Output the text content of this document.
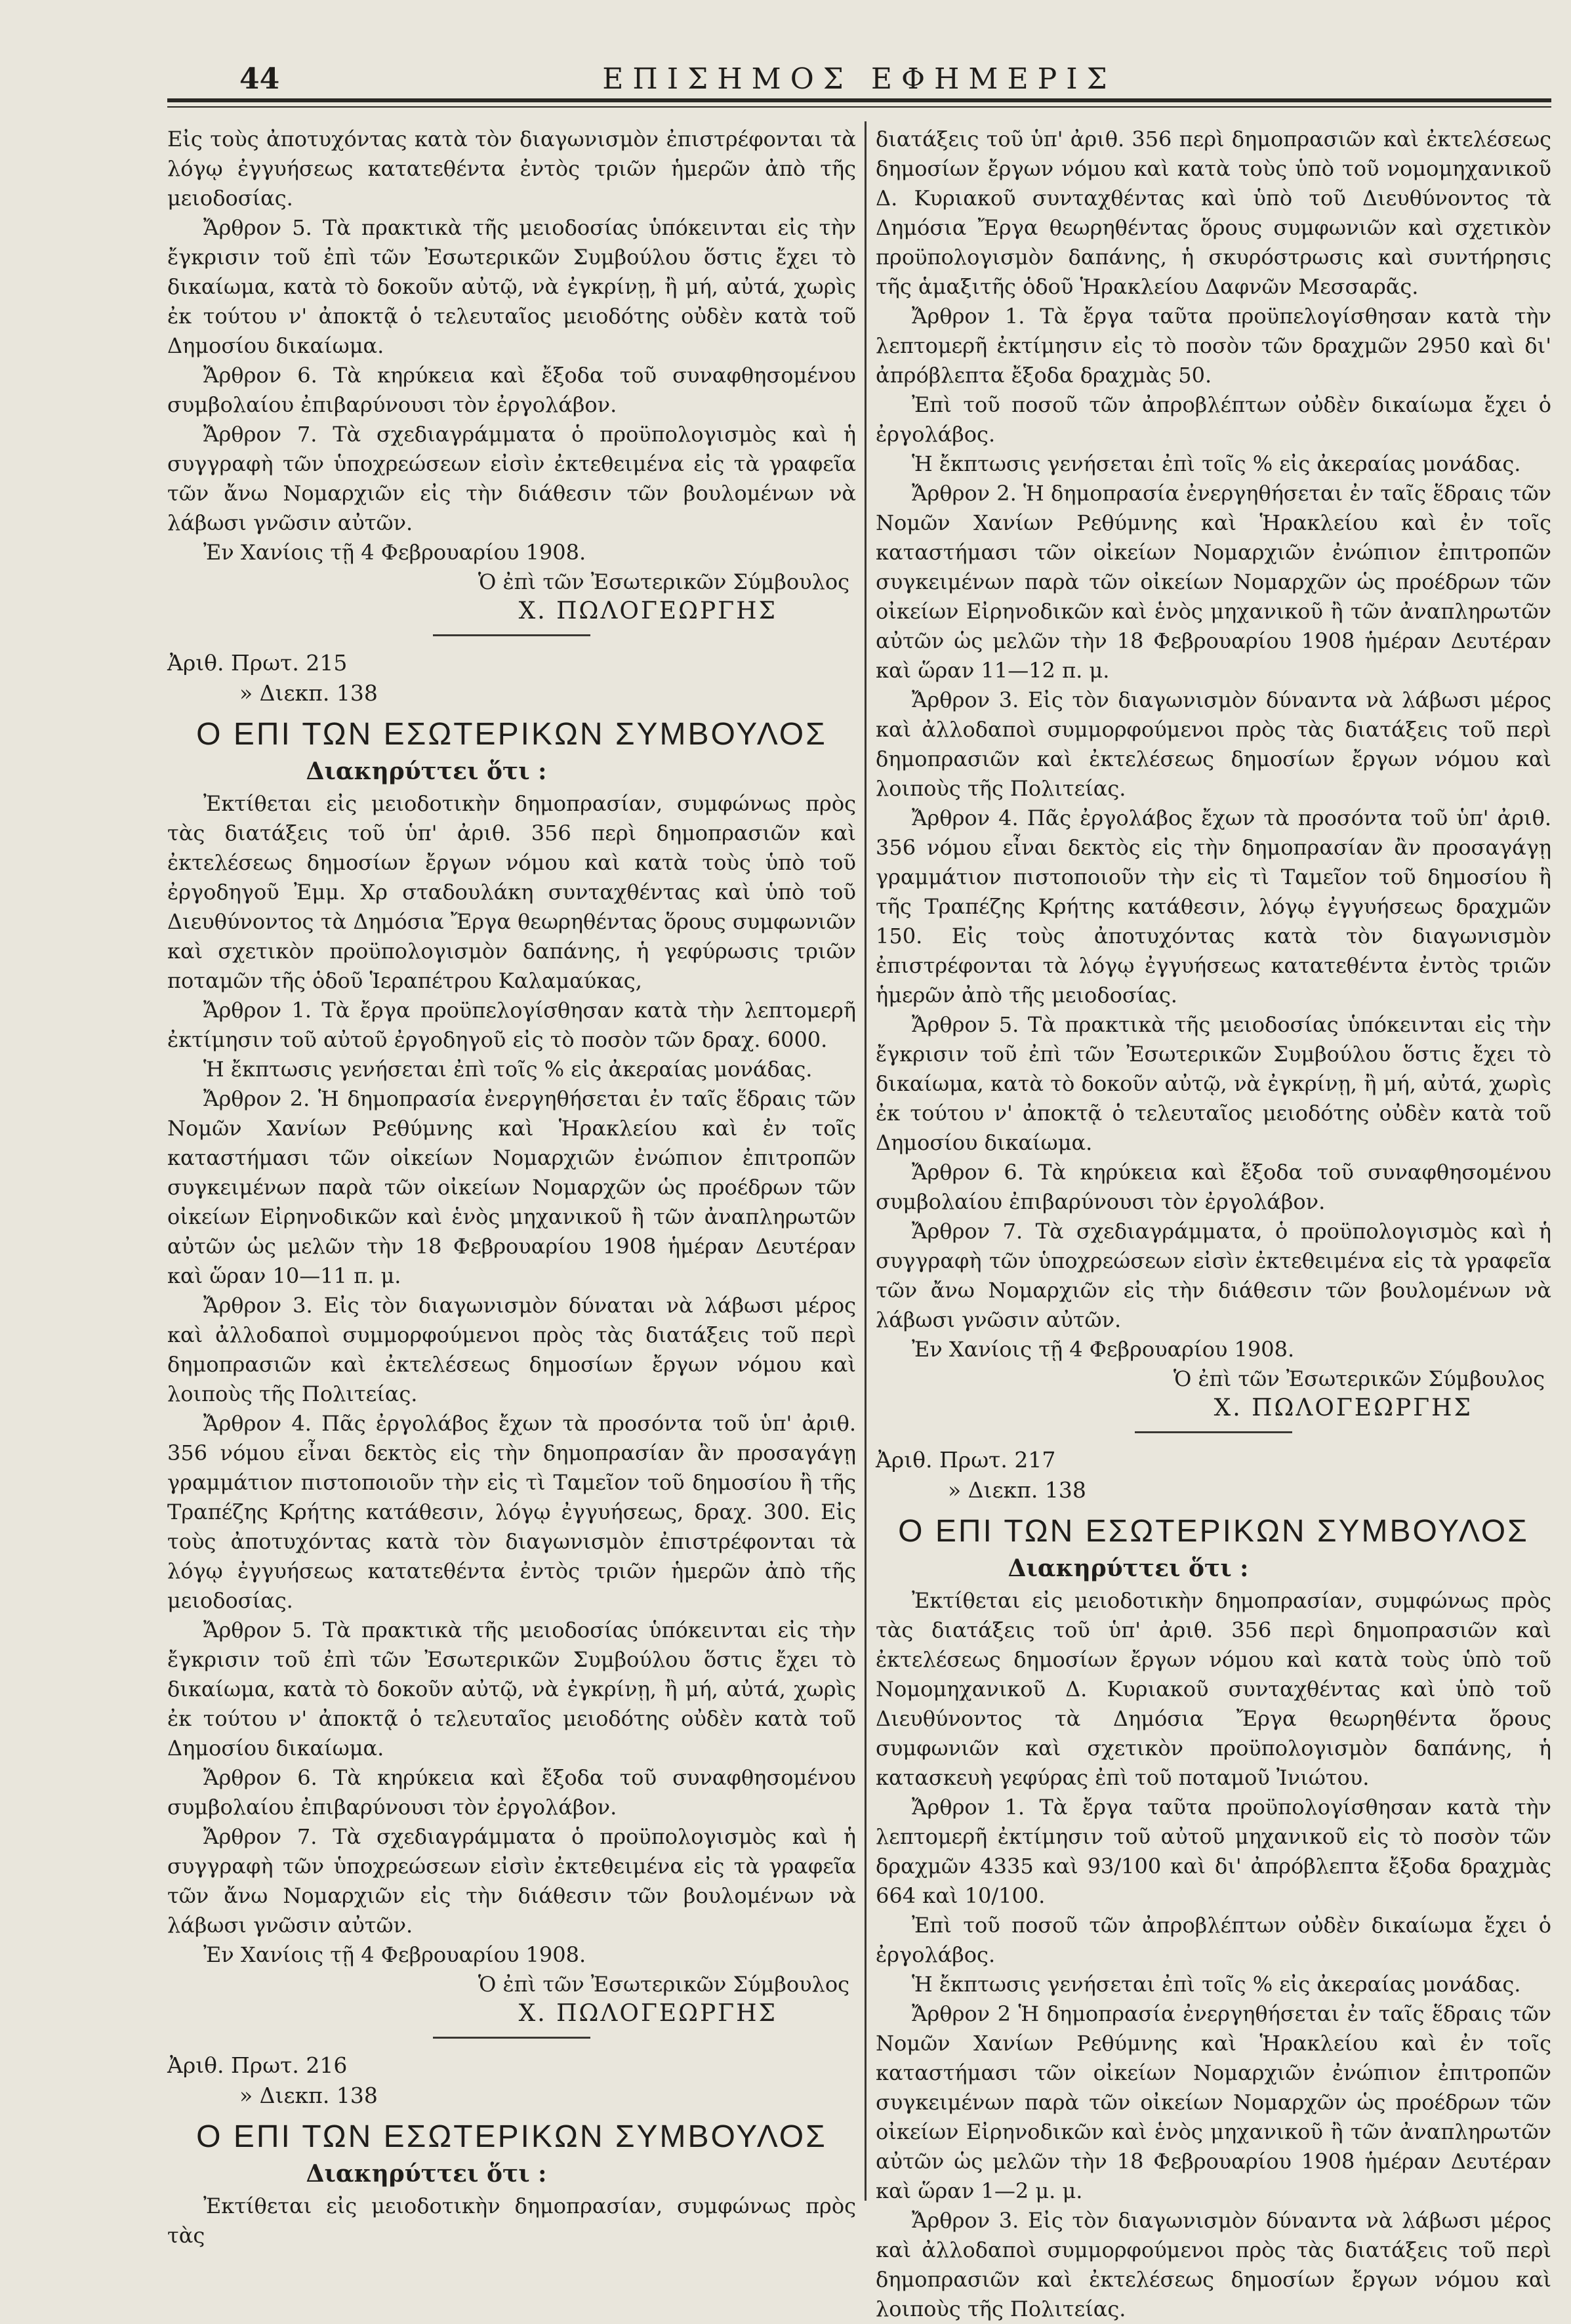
44	ΕΠΙΣΗΜΟΣ ΕΦΗΜΕΡΙΣ

Εἰς τοὺς ἀποτυχόντας κατὰ τὸν διαγωνισμὸν ἐπιστρέφονται τὰ λόγῳ ἐγγυήσεως κατατεθέντα ἐντὸς τριῶν ἡμερῶν ἀπὸ τῆς μειοδοσίας.

Ἄρθρον 5. Τὰ πρακτικὰ τῆς μειοδοσίας ὑπόκεινται εἰς τὴν ἔγκρισιν τοῦ ἐπὶ τῶν Ἐσωτερικῶν Συμβούλου ὅστις ἔχει τὸ δικαίωμα, κατὰ τὸ δοκοῦν αὐτῷ, νὰ ἐγκρίνῃ, ἢ μή, αὐτά, χωρὶς ἐκ τούτου ν' ἀποκτᾷ ὁ τελευταῖος μειοδότης οὐδὲν κατὰ τοῦ Δημοσίου δικαίωμα.

Ἄρθρον 6. Τὰ κηρύκεια καὶ ἔξοδα τοῦ συναφθησομένου συμβολαίου ἐπιβαρύνουσι τὸν ἐργολάβον.

Ἄρθρον 7. Τὰ σχεδιαγράμματα ὁ προϋπολογισμὸς καὶ ἡ συγγραφὴ τῶν ὑποχρεώσεων εἰσὶν ἐκτεθειμένα εἰς τὰ γραφεῖα τῶν ἄνω Νομαρχιῶν εἰς τὴν διάθεσιν τῶν βουλομένων νὰ λάβωσι γνῶσιν αὐτῶν.

Ἐν Χανίοις τῇ 4 Φεβρουαρίου 1908.

Ὁ ἐπὶ τῶν Ἐσωτερικῶν Σύμβουλος
Χ. ΠΩΛΟΓΕΩΡΓΗΣ
Ἀριθ. Πρωτ. 215
» Διεκπ. 138
Ο ΕΠΙ ΤΩΝ ΕΣΩΤΕΡΙΚΩΝ ΣΥΜΒΟΥΛΟΣ
Διακηρύττει ὅτι :

Ἐκτίθεται εἰς μειοδοτικὴν δημοπρασίαν, συμφώνως πρὸς τὰς διατάξεις τοῦ ὑπ' ἀριθ. 356 περὶ δημοπρασιῶν καὶ ἐκτελέσεως δημοσίων ἔργων νόμου καὶ κατὰ τοὺς ὑπὸ τοῦ ἐργοδηγοῦ Ἐμμ. Χρ σταδουλάκη συνταχθέντας καὶ ὑπὸ τοῦ Διευθύνοντος τὰ Δημόσια Ἔργα θεωρηθέντας ὅρους συμφωνιῶν καὶ σχετικὸν προϋπολογισμὸν δαπάνης, ἡ γεφύρωσις τριῶν ποταμῶν τῆς ὁδοῦ Ἱεραπέτρου Καλαμαύκας,

Ἄρθρον 1. Τὰ ἔργα προϋπελογίσθησαν κατὰ τὴν λεπτομερῆ ἐκτίμησιν τοῦ αὐτοῦ ἐργοδηγοῦ εἰς τὸ ποσὸν τῶν δραχ. 6000.

Ἡ ἔκπτωσις γενήσεται ἐπὶ τοῖς % εἰς ἀκεραίας μονάδας.

Ἄρθρον 2. Ἡ δημοπρασία ἐνεργηθήσεται ἐν ταῖς ἕδραις τῶν Νομῶν Χανίων Ρεθύμνης καὶ Ἡρακλείου καὶ ἐν τοῖς καταστήμασι τῶν οἰκείων Νομαρχιῶν ἐνώπιον ἐπιτροπῶν συγκειμένων παρὰ τῶν οἰκείων Νομαρχῶν ὡς προέδρων τῶν οἰκείων Εἰρηνοδικῶν καὶ ἑνὸς μηχανικοῦ ἢ τῶν ἀναπληρωτῶν αὐτῶν ὡς μελῶν τὴν 18 Φεβρουαρίου 1908 ἡμέραν Δευτέραν καὶ ὥραν 10—11 π. μ.

Ἄρθρον 3. Εἰς τὸν διαγωνισμὸν δύναται νὰ λάβωσι μέρος καὶ ἀλλοδαποὶ συμμορφούμενοι πρὸς τὰς διατάξεις τοῦ περὶ δημοπρασιῶν καὶ ἐκτελέσεως δημοσίων ἔργων νόμου καὶ λοιποὺς τῆς Πολιτείας.

Ἄρθρον 4. Πᾶς ἐργολάβος ἔχων τὰ προσόντα τοῦ ὑπ' ἀριθ. 356 νόμου εἶναι δεκτὸς εἰς τὴν δημοπρασίαν ἂν προσαγάγῃ γραμμάτιον πιστοποιοῦν τὴν εἰς τὶ Ταμεῖον τοῦ δημοσίου ἢ τῆς Τραπέζης Κρήτης κατάθεσιν, λόγῳ ἐγγυήσεως, δραχ. 300. Εἰς τοὺς ἀποτυχόντας κατὰ τὸν διαγωνισμὸν ἐπιστρέφονται τὰ λόγῳ ἐγγυήσεως κατατεθέντα ἐντὸς τριῶν ἡμερῶν ἀπὸ τῆς μειοδοσίας.

Ἄρθρον 5. Τὰ πρακτικὰ τῆς μειοδοσίας ὑπόκεινται εἰς τὴν ἔγκρισιν τοῦ ἐπὶ τῶν Ἐσωτερικῶν Συμβούλου ὅστις ἔχει τὸ δικαίωμα, κατὰ τὸ δοκοῦν αὐτῷ, νὰ ἐγκρίνῃ, ἢ μή, αὐτά, χωρὶς ἐκ τούτου ν' ἀποκτᾷ ὁ τελευταῖος μειοδότης οὐδὲν κατὰ τοῦ Δημοσίου δικαίωμα.

Ἄρθρον 6. Τὰ κηρύκεια καὶ ἔξοδα τοῦ συναφθησομένου συμβολαίου ἐπιβαρύνουσι τὸν ἐργολάβον.

Ἄρθρον 7. Τὰ σχεδιαγράμματα ὁ προϋπολογισμὸς καὶ ἡ συγγραφὴ τῶν ὑποχρεώσεων εἰσὶν ἐκτεθειμένα εἰς τὰ γραφεῖα τῶν ἄνω Νομαρχιῶν εἰς τὴν διάθεσιν τῶν βουλομένων νὰ λάβωσι γνῶσιν αὐτῶν.

Ἐν Χανίοις τῇ 4 Φεβρουαρίου 1908.

Ὁ ἐπὶ τῶν Ἐσωτερικῶν Σύμβουλος
Χ. ΠΩΛΟΓΕΩΡΓΗΣ
Ἀριθ. Πρωτ. 216
» Διεκπ. 138
Ο ΕΠΙ ΤΩΝ ΕΣΩΤΕΡΙΚΩΝ ΣΥΜΒΟΥΛΟΣ
Διακηρύττει ὅτι :

Ἐκτίθεται εἰς μειοδοτικὴν δημοπρασίαν, συμφώνως πρὸς τὰς

διατάξεις τοῦ ὑπ' ἀριθ. 356 περὶ δημοπρασιῶν καὶ ἐκτελέσεως δημοσίων ἔργων νόμου καὶ κατὰ τοὺς ὑπὸ τοῦ νομομηχανικοῦ Δ. Κυριακοῦ συνταχθέντας καὶ ὑπὸ τοῦ Διευθύνοντος τὰ Δημόσια Ἔργα θεωρηθέντας ὅρους συμφωνιῶν καὶ σχετικὸν προϋπολογισμὸν δαπάνης, ἡ σκυρόστρωσις καὶ συντήρησις τῆς ἁμαξιτῆς ὁδοῦ Ἡρακλείου Δαφνῶν Μεσσαρᾶς.

Ἄρθρον 1. Τὰ ἔργα ταῦτα προϋπελογίσθησαν κατὰ τὴν λεπτομερῆ ἐκτίμησιν εἰς τὸ ποσὸν τῶν δραχμῶν 2950 καὶ δι' ἀπρόβλεπτα ἔξοδα δραχμὰς 50.

Ἐπὶ τοῦ ποσοῦ τῶν ἀπροβλέπτων οὐδὲν δικαίωμα ἔχει ὁ ἐργολάβος.

Ἡ ἔκπτωσις γενήσεται ἐπὶ τοῖς % εἰς ἀκεραίας μονάδας.

Ἄρθρον 2. Ἡ δημοπρασία ἐνεργηθήσεται ἐν ταῖς ἕδραις τῶν Νομῶν Χανίων Ρεθύμνης καὶ Ἡρακλείου καὶ ἐν τοῖς καταστήμασι τῶν οἰκείων Νομαρχιῶν ἐνώπιον ἐπιτροπῶν συγκειμένων παρὰ τῶν οἰκείων Νομαρχῶν ὡς προέδρων τῶν οἰκείων Εἰρηνοδικῶν καὶ ἑνὸς μηχανικοῦ ἢ τῶν ἀναπληρωτῶν αὐτῶν ὡς μελῶν τὴν 18 Φεβρουαρίου 1908 ἡμέραν Δευτέραν καὶ ὥραν 11—12 π. μ.

Ἄρθρον 3. Εἰς τὸν διαγωνισμὸν δύναντα νὰ λάβωσι μέρος καὶ ἀλλοδαποὶ συμμορφούμενοι πρὸς τὰς διατάξεις τοῦ περὶ δημοπρασιῶν καὶ ἐκτελέσεως δημοσίων ἔργων νόμου καὶ λοιποὺς τῆς Πολιτείας.

Ἄρθρον 4. Πᾶς ἐργολάβος ἔχων τὰ προσόντα τοῦ ὑπ' ἀριθ. 356 νόμου εἶναι δεκτὸς εἰς τὴν δημοπρασίαν ἂν προσαγάγῃ γραμμάτιον πιστοποιοῦν τὴν εἰς τὶ Ταμεῖον τοῦ δημοσίου ἢ τῆς Τραπέζης Κρήτης κατάθεσιν, λόγῳ ἐγγυήσεως δραχμῶν 150. Εἰς τοὺς ἀποτυχόντας κατὰ τὸν διαγωνισμὸν ἐπιστρέφονται τὰ λόγῳ ἐγγυήσεως κατατεθέντα ἐντὸς τριῶν ἡμερῶν ἀπὸ τῆς μειοδοσίας.

Ἄρθρον 5. Τὰ πρακτικὰ τῆς μειοδοσίας ὑπόκεινται εἰς τὴν ἔγκρισιν τοῦ ἐπὶ τῶν Ἐσωτερικῶν Συμβούλου ὅστις ἔχει τὸ δικαίωμα, κατὰ τὸ δοκοῦν αὐτῷ, νὰ ἐγκρίνῃ, ἢ μή, αὐτά, χωρὶς ἐκ τούτου ν' ἀποκτᾷ ὁ τελευταῖος μειοδότης οὐδὲν κατὰ τοῦ Δημοσίου δικαίωμα.

Ἄρθρον 6. Τὰ κηρύκεια καὶ ἔξοδα τοῦ συναφθησομένου συμβολαίου ἐπιβαρύνουσι τὸν ἐργολάβον.

Ἄρθρον 7. Τὰ σχεδιαγράμματα, ὁ προϋπολογισμὸς καὶ ἡ συγγραφὴ τῶν ὑποχρεώσεων εἰσὶν ἐκτεθειμένα εἰς τὰ γραφεῖα τῶν ἄνω Νομαρχιῶν εἰς τὴν διάθεσιν τῶν βουλομένων νὰ λάβωσι γνῶσιν αὐτῶν.

Ἐν Χανίοις τῇ 4 Φεβρουαρίου 1908.

Ὁ ἐπὶ τῶν Ἐσωτερικῶν Σύμβουλος
Χ. ΠΩΛΟΓΕΩΡΓΗΣ
Ἀριθ. Πρωτ. 217
» Διεκπ. 138
Ο ΕΠΙ ΤΩΝ ΕΣΩΤΕΡΙΚΩΝ ΣΥΜΒΟΥΛΟΣ
Διακηρύττει ὅτι :

Ἐκτίθεται εἰς μειοδοτικὴν δημοπρασίαν, συμφώνως πρὸς τὰς διατάξεις τοῦ ὑπ' ἀριθ. 356 περὶ δημοπρασιῶν καὶ ἐκτελέσεως δημοσίων ἔργων νόμου καὶ κατὰ τοὺς ὑπὸ τοῦ Νομομηχανικοῦ Δ. Κυριακοῦ συνταχθέντας καὶ ὑπὸ τοῦ Διευθύνοντος τὰ Δημόσια Ἔργα θεωρηθέντα ὅρους συμφωνιῶν καὶ σχετικὸν προϋπολογισμὸν δαπάνης, ἡ κατασκευὴ γεφύρας ἐπὶ τοῦ ποταμοῦ Ἰνιώτου.

Ἄρθρον 1. Τὰ ἔργα ταῦτα προϋπολογίσθησαν κατὰ τὴν λεπτομερῆ ἐκτίμησιν τοῦ αὐτοῦ μηχανικοῦ εἰς τὸ ποσὸν τῶν δραχμῶν 4335 καὶ 93/100 καὶ δι' ἀπρόβλεπτα ἔξοδα δραχμὰς 664 καὶ 10/100.

Ἐπὶ τοῦ ποσοῦ τῶν ἀπροβλέπτων οὐδὲν δικαίωμα ἔχει ὁ ἐργολάβος.

Ἡ ἔκπτωσις γενήσεται ἐπὶ τοῖς % εἰς ἀκεραίας μονάδας.

Ἄρθρον 2 Ἡ δημοπρασία ἐνεργηθήσεται ἐν ταῖς ἕδραις τῶν Νομῶν Χανίων Ρεθύμνης καὶ Ἡρακλείου καὶ ἐν τοῖς καταστήμασι τῶν οἰκείων Νομαρχιῶν ἐνώπιον ἐπιτροπῶν συγκειμένων παρὰ τῶν οἰκείων Νομαρχῶν ὡς προέδρων τῶν οἰκείων Εἰρηνοδικῶν καὶ ἑνὸς μηχανικοῦ ἢ τῶν ἀναπληρωτῶν αὐτῶν ὡς μελῶν τὴν 18 Φεβρουαρίου 1908 ἡμέραν Δευτέραν καὶ ὥραν 1—2 μ. μ.

Ἄρθρον 3. Εἰς τὸν διαγωνισμὸν δύναντα νὰ λάβωσι μέρος καὶ ἀλλοδαποὶ συμμορφούμενοι πρὸς τὰς διατάξεις τοῦ περὶ δημοπρασιῶν καὶ ἐκτελέσεως δημοσίων ἔργων νόμου καὶ λοιποὺς τῆς Πολιτείας.
